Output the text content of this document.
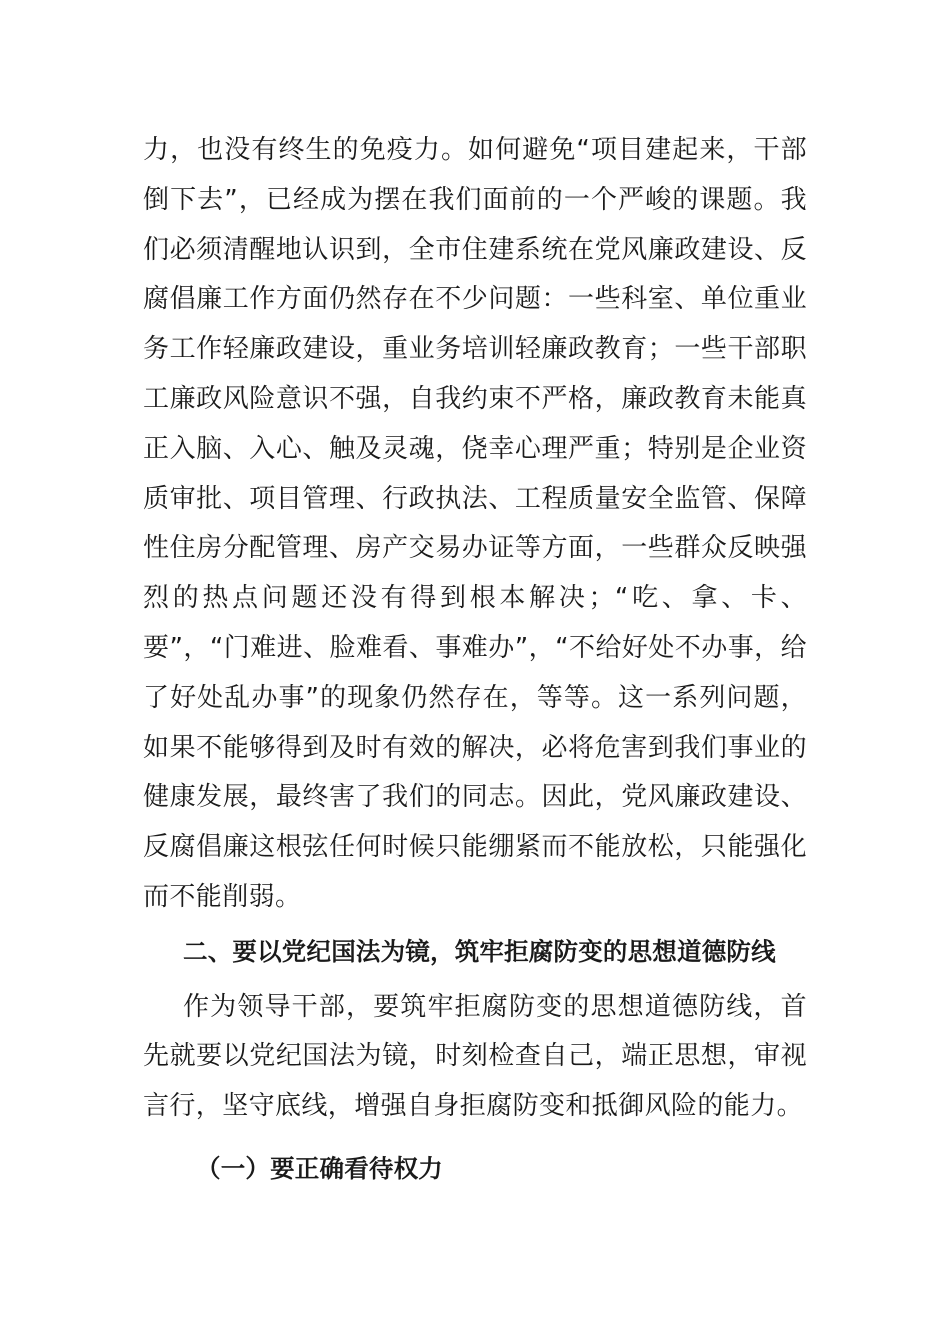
力，也没有终生的免疫力。如何避免“项目建起来，干部倒下去”，已经成为摆在我们面前的一个严峻的课题。我们必须清醒地认识到，全市住建系统在党风廉政建设、反腐倡廉工作方面仍然存在不少问题：一些科室、单位重业务工作轻廉政建设，重业务培训轻廉政教育；一些干部职工廉政风险意识不强，自我约束不严格，廉政教育未能真正入脑、入心、触及灵魂，侥幸心理严重；特别是企业资质审批、项目管理、行政执法、工程质量安全监管、保障性住房分配管理、房产交易办证等方面，一些群众反映强烈的热点问题还没有得到根本解决；“吃、拿、卡、要”，“门难进、脸难看、事难办”，“不给好处不办事，给了好处乱办事”的现象仍然存在，等等。这一系列问题，如果不能够得到及时有效的解决，必将危害到我们事业的健康发展，最终害了我们的同志。因此，党风廉政建设、反腐倡廉这根弦任何时候只能绷紧而不能放松，只能强化而不能削弱。

二、要以党纪国法为镜，筑牢拒腐防变的思想道德防线

作为领导干部，要筑牢拒腐防变的思想道德防线，首先就要以党纪国法为镜，时刻检查自己，端正思想，审视言行，坚守底线，增强自身拒腐防变和抵御风险的能力。

（一）要正确看待权力
